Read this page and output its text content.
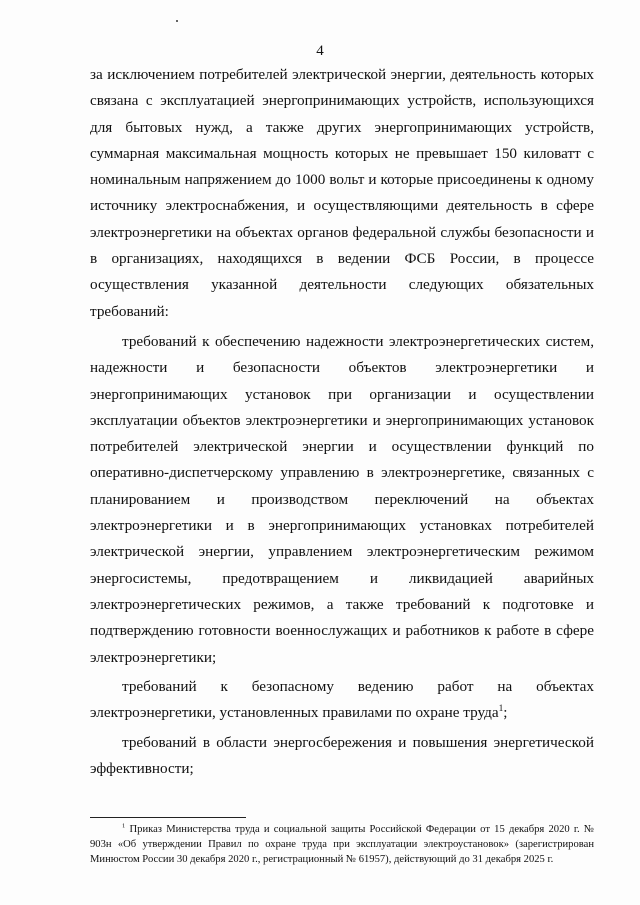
4

за исключением потребителей электрической энергии, деятельность которых связана с эксплуатацией энергопринимающих устройств, использующихся для бытовых нужд, а также других энергопринимающих устройств, суммарная максимальная мощность которых не превышает 150 киловатт с номинальным напряжением до 1000 вольт и которые присоединены к одному источнику электроснабжения, и осуществляющими деятельность в сфере электроэнергетики на объектах органов федеральной службы безопасности и в организациях, находящихся в ведении ФСБ России, в процессе осуществления указанной деятельности следующих обязательных требований:

требований к обеспечению надежности электроэнергетических систем, надежности и безопасности объектов электроэнергетики и энергопринимающих установок при организации и осуществлении эксплуатации объектов электроэнергетики и энергопринимающих установок потребителей электрической энергии и осуществлении функций по оперативно-диспетчерскому управлению в электроэнергетике, связанных с планированием и производством переключений на объектах электроэнергетики и в энергопринимающих установках потребителей электрической энергии, управлением электроэнергетическим режимом энергосистемы, предотвращением и ликвидацией аварийных электроэнергетических режимов, а также требований к подготовке и подтверждению готовности военнослужащих и работников к работе в сфере электроэнергетики;

требований к безопасному ведению работ на объектах электроэнергетики, установленных правилами по охране труда$^1$;

требований в области энергосбережения и повышения энергетической эффективности;

$^1$ Приказ Министерства труда и социальной защиты Российской Федерации от 15 декабря 2020 г. № 903н «Об утверждении Правил по охране труда при эксплуатации электроустановок» (зарегистрирован Минюстом России 30 декабря 2020 г., регистрационный № 61957), действующий до 31 декабря 2025 г.
